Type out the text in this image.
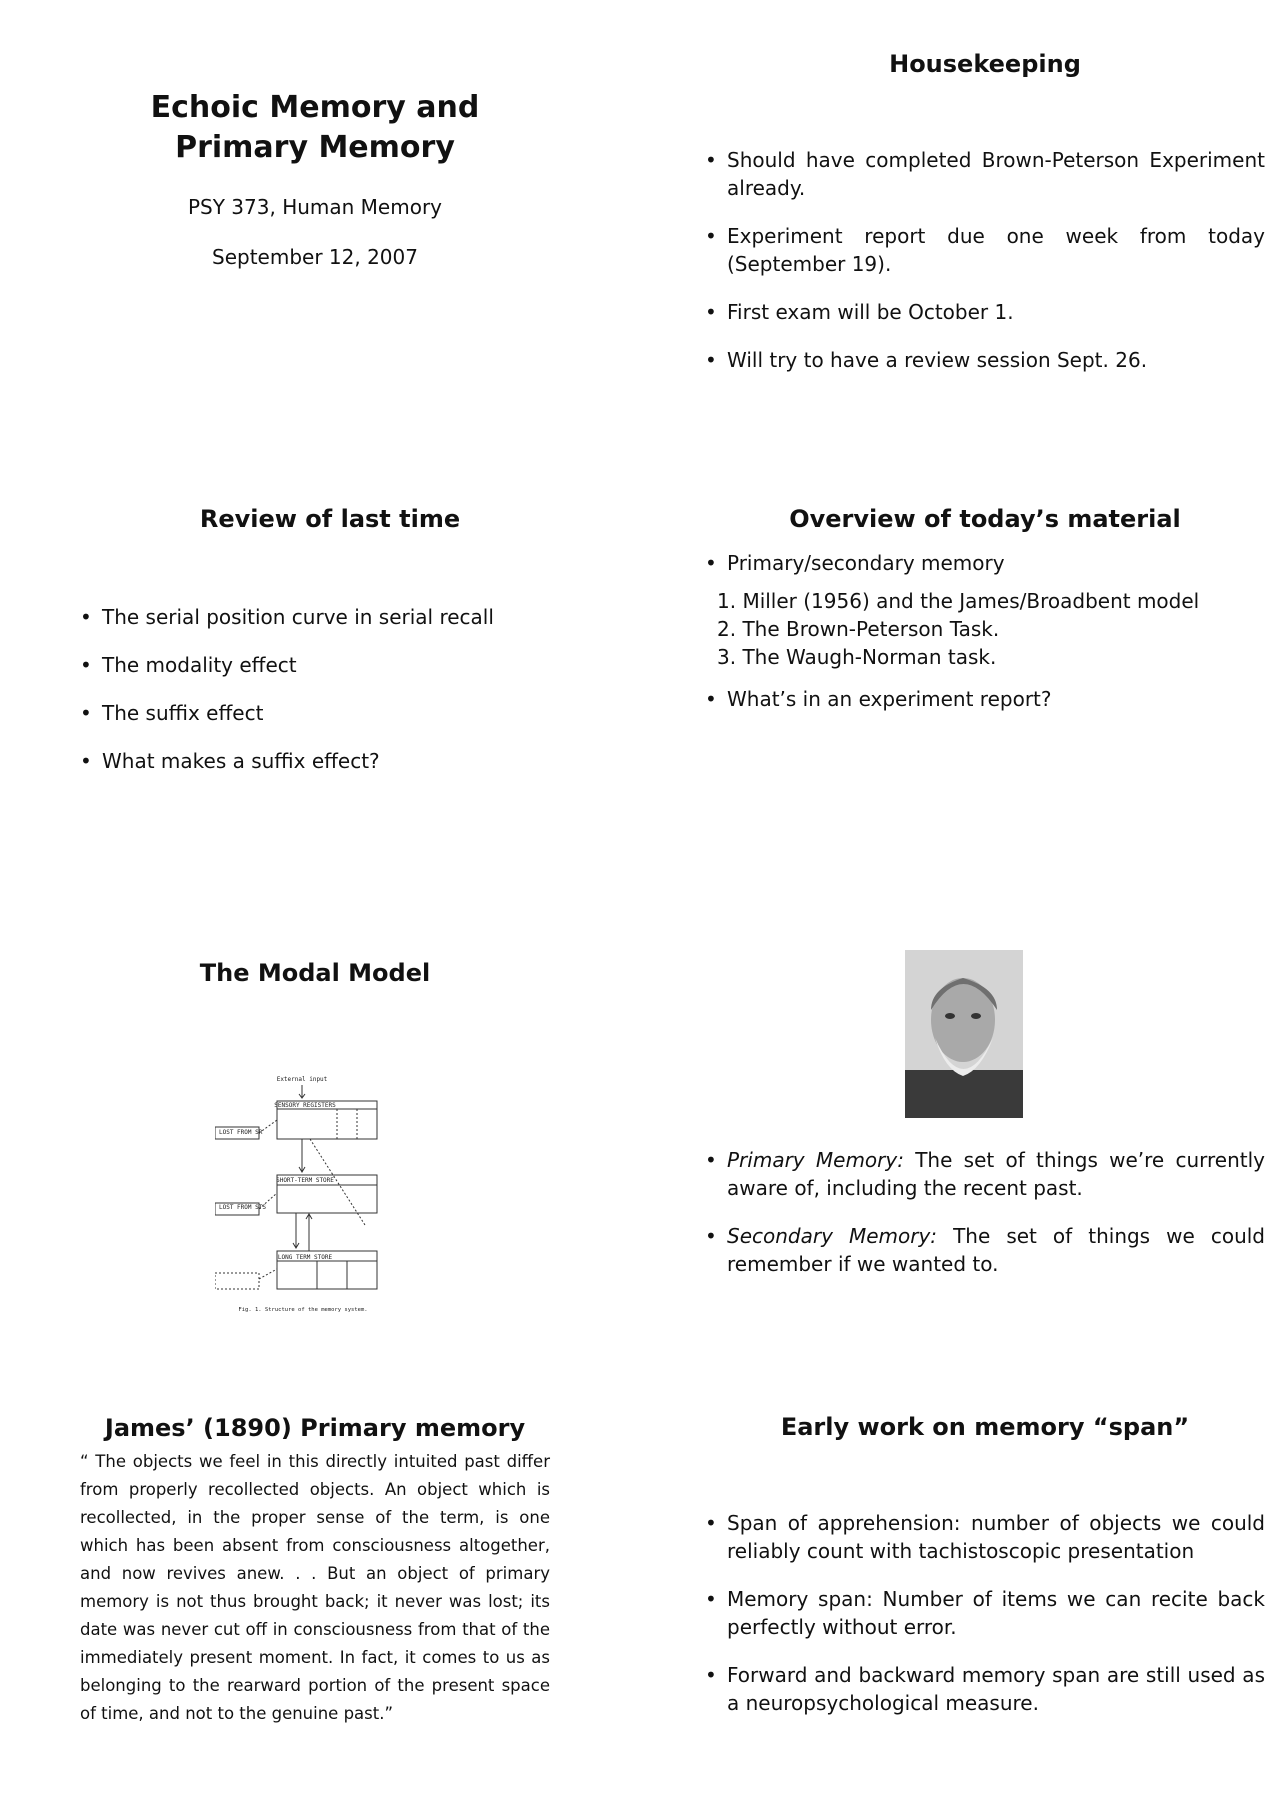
Echoic Memory and Primary Memory

PSY 373, Human Memory

September 12, 2007

Housekeeping
• Should have completed Brown-Peterson Experiment already.
• Experiment report due one week from today (September 19).
• First exam will be October 1.
• Will try to have a review session Sept. 26.
Review of last time
• The serial position curve in serial recall
• The modality effect
• The suffix effect
• What makes a suffix effect?
Overview of today’s material
• Primary/secondary memory
1. Miller (1956) and the James/Broadbent model
2. The Brown-Peterson Task.
3. The Waugh-Norman task.
• What’s in an experiment report?
The Modal Model
External input
SENSORY REGISTERS
SHORT-TERM STORE
LONG TERM STORE
LOST FROM SR
LOST FROM STS
Fig. 1. Structure of the memory system.
• Primary Memory: The set of things we’re currently aware of, including the recent past.
• Secondary Memory: The set of things we could remember if we wanted to.
James’ (1890) Primary memory

“ The objects we feel in this directly intuited past differ from properly recollected objects. An object which is recollected, in the proper sense of the term, is one which has been absent from consciousness altogether, and now revives anew. . . But an object of primary memory is not thus brought back; it never was lost; its date was never cut off in consciousness from that of the immediately present moment. In fact, it comes to us as belonging to the rearward portion of the present space of time, and not to the genuine past.”

Early work on memory “span”
• Span of apprehension: number of objects we could reliably count with tachistoscopic presentation
• Memory span: Number of items we can recite back perfectly without error.
• Forward and backward memory span are still used as a neuropsychological measure.
